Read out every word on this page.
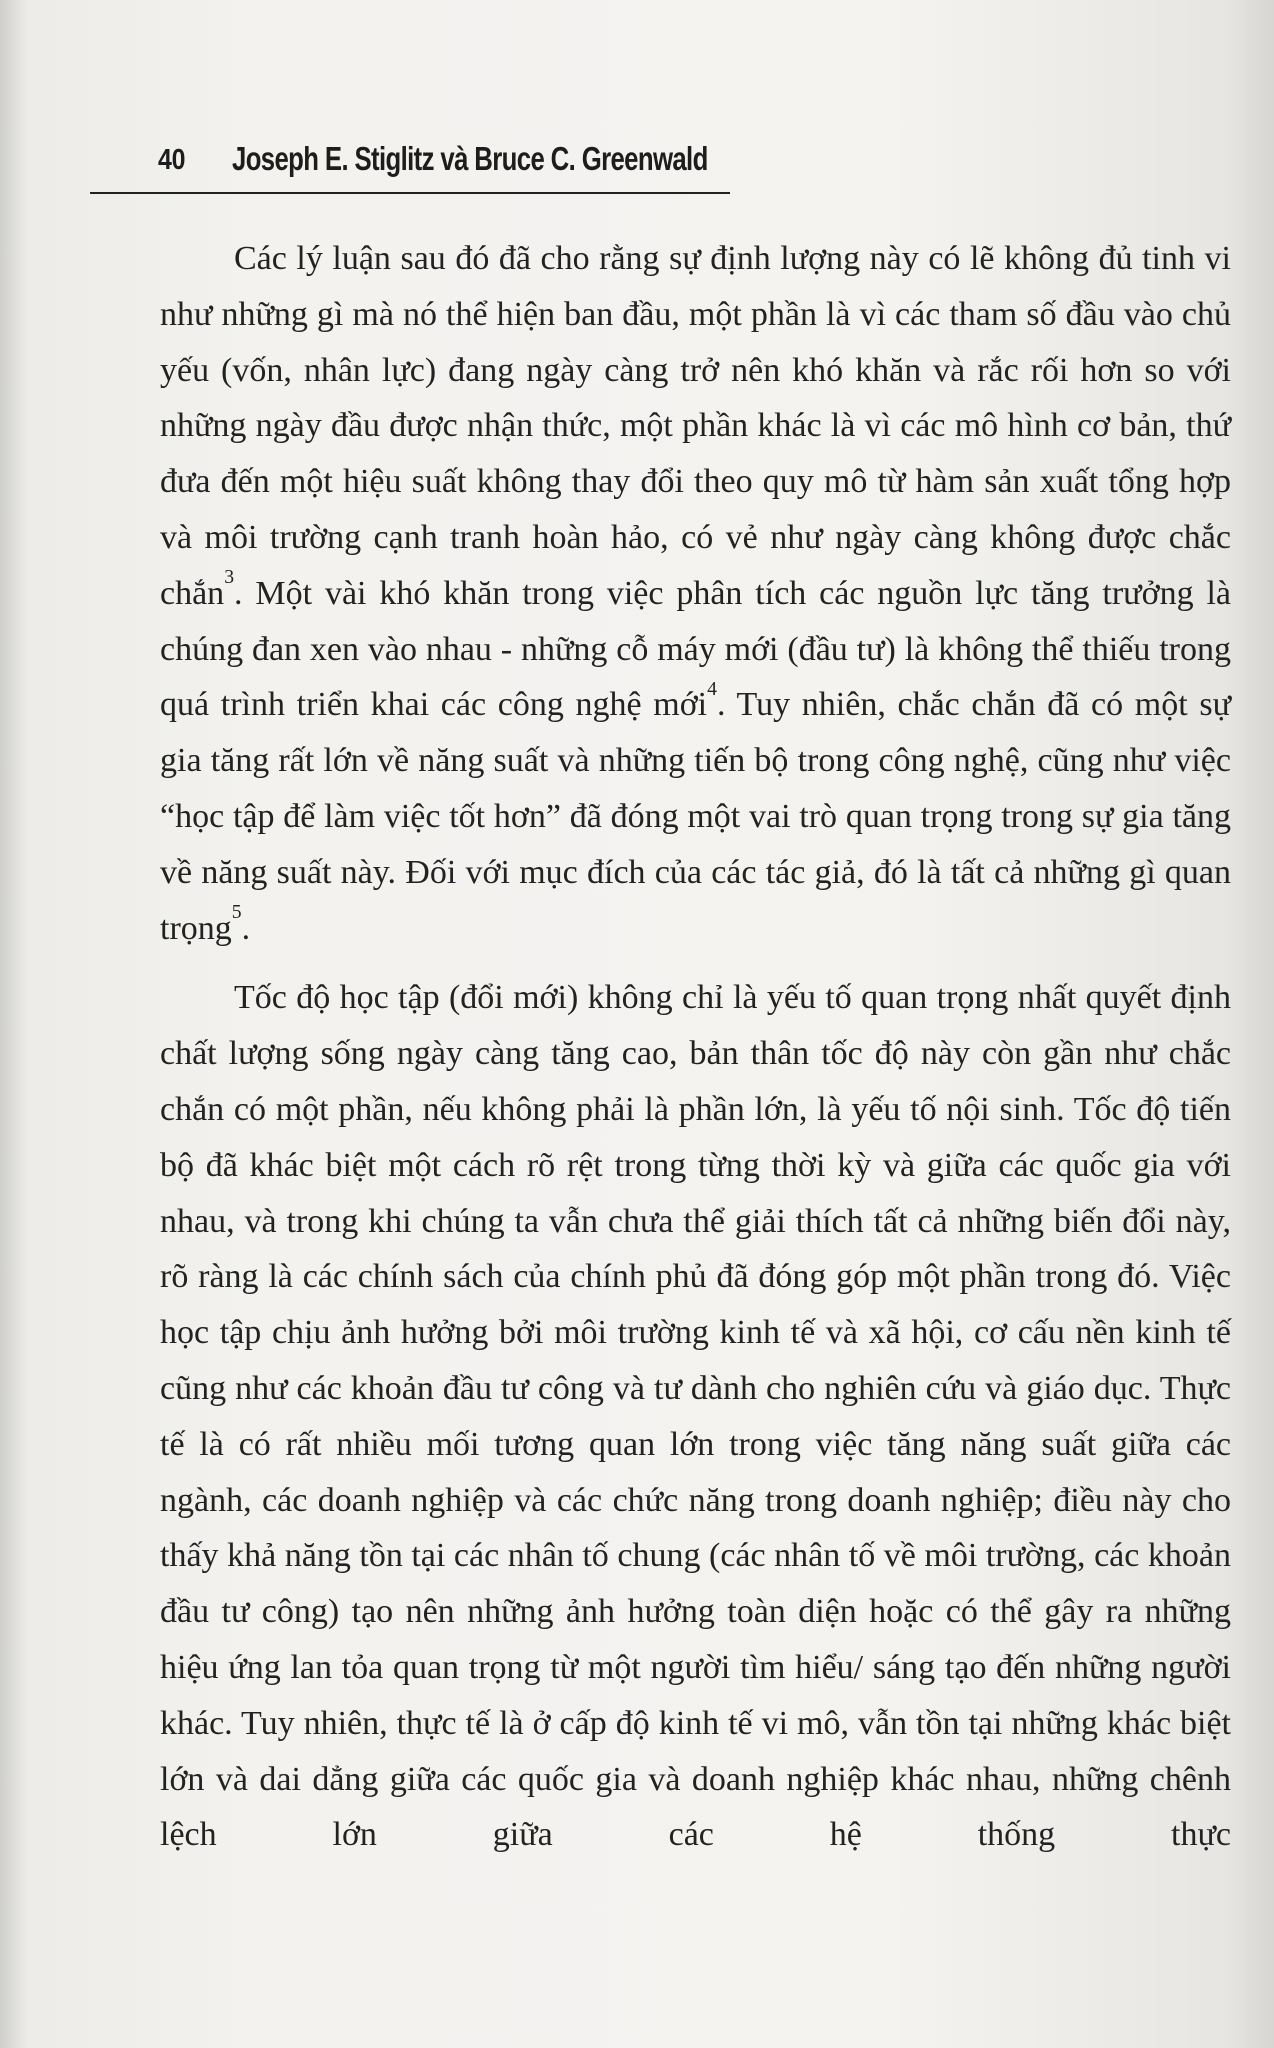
40 Joseph E. Stiglitz và Bruce C. Greenwald

Các lý luận sau đó đã cho rằng sự định lượng này có lẽ không đủ tinh vi như những gì mà nó thể hiện ban đầu, một phần là vì các tham số đầu vào chủ yếu (vốn, nhân lực) đang ngày càng trở nên khó khăn và rắc rối hơn so với những ngày đầu được nhận thức, một phần khác là vì các mô hình cơ bản, thứ đưa đến một hiệu suất không thay đổi theo quy mô từ hàm sản xuất tổng hợp và môi trường cạnh tranh hoàn hảo, có vẻ như ngày càng không được chắc chắn$^3$. Một vài khó khăn trong việc phân tích các nguồn lực tăng trưởng là chúng đan xen vào nhau - những cỗ máy mới (đầu tư) là không thể thiếu trong quá trình triển khai các công nghệ mới$^4$. Tuy nhiên, chắc chắn đã có một sự gia tăng rất lớn về năng suất và những tiến bộ trong công nghệ, cũng như việc “học tập để làm việc tốt hơn” đã đóng một vai trò quan trọng trong sự gia tăng về năng suất này. Đối với mục đích của các tác giả, đó là tất cả những gì quan trọng$^5$.

Tốc độ học tập (đổi mới) không chỉ là yếu tố quan trọng nhất quyết định chất lượng sống ngày càng tăng cao, bản thân tốc độ này còn gần như chắc chắn có một phần, nếu không phải là phần lớn, là yếu tố nội sinh. Tốc độ tiến bộ đã khác biệt một cách rõ rệt trong từng thời kỳ và giữa các quốc gia với nhau, và trong khi chúng ta vẫn chưa thể giải thích tất cả những biến đổi này, rõ ràng là các chính sách của chính phủ đã đóng góp một phần trong đó. Việc học tập chịu ảnh hưởng bởi môi trường kinh tế và xã hội, cơ cấu nền kinh tế cũng như các khoản đầu tư công và tư dành cho nghiên cứu và giáo dục. Thực tế là có rất nhiều mối tương quan lớn trong việc tăng năng suất giữa các ngành, các doanh nghiệp và các chức năng trong doanh nghiệp; điều này cho thấy khả năng tồn tại các nhân tố chung (các nhân tố về môi trường, các khoản đầu tư công) tạo nên những ảnh hưởng toàn diện hoặc có thể gây ra những hiệu ứng lan tỏa quan trọng từ một người tìm hiểu/ sáng tạo đến những người khác. Tuy nhiên, thực tế là ở cấp độ kinh tế vi mô, vẫn tồn tại những khác biệt lớn và dai dẳng giữa các quốc gia và doanh nghiệp khác nhau, những chênh lệch lớn giữa các hệ thống thực
